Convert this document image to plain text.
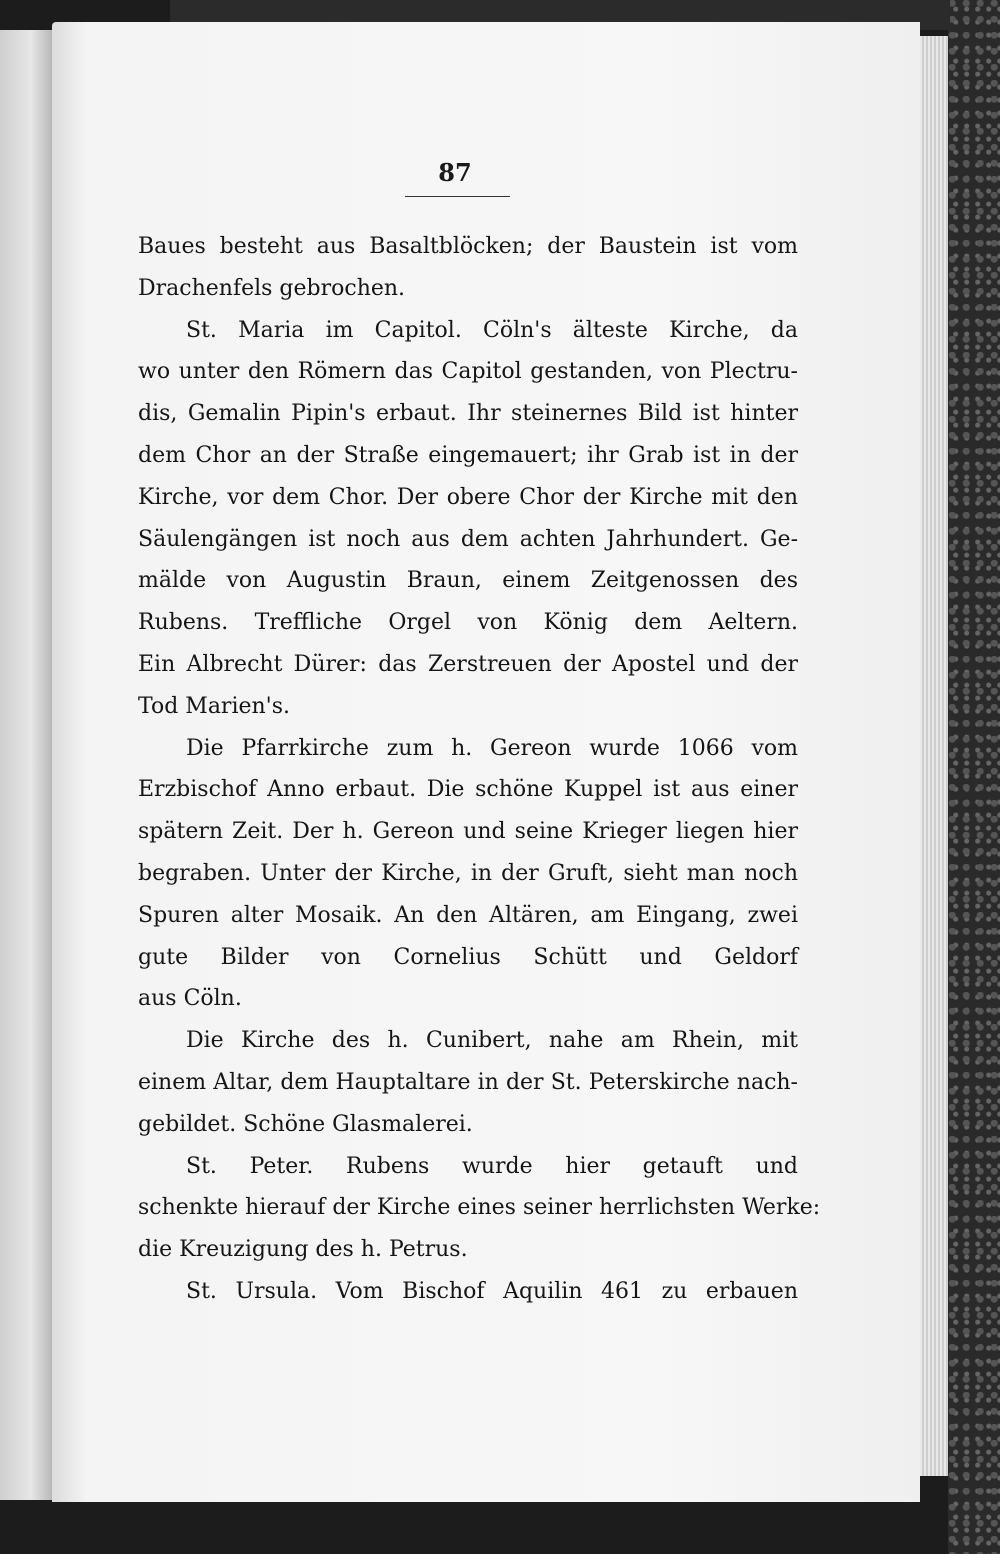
87
Baues besteht aus Basaltblöcken; der Baustein ist vom
Drachenfels gebrochen.
St. Maria im Capitol. Cöln's älteste Kirche, da
wo unter den Römern das Capitol gestanden, von Plectru-
dis, Gemalin Pipin's erbaut. Ihr steinernes Bild ist hinter
dem Chor an der Straße eingemauert; ihr Grab ist in der
Kirche, vor dem Chor. Der obere Chor der Kirche mit den
Säulengängen ist noch aus dem achten Jahrhundert. Ge-
mälde von Augustin Braun, einem Zeitgenossen des
Rubens. Treffliche Orgel von König dem Aeltern.
Ein Albrecht Dürer: das Zerstreuen der Apostel und der
Tod Marien's.
Die Pfarrkirche zum h. Gereon wurde 1066 vom
Erzbischof Anno erbaut. Die schöne Kuppel ist aus einer
spätern Zeit. Der h. Gereon und seine Krieger liegen hier
begraben. Unter der Kirche, in der Gruft, sieht man noch
Spuren alter Mosaik. An den Altären, am Eingang, zwei
gute Bilder von Cornelius Schütt und Geldorf
aus Cöln.
Die Kirche des h. Cunibert, nahe am Rhein, mit
einem Altar, dem Hauptaltare in der St. Peterskirche nach-
gebildet. Schöne Glasmalerei.
St. Peter. Rubens wurde hier getauft und
schenkte hierauf der Kirche eines seiner herrlichsten Werke:
die Kreuzigung des h. Petrus.
St. Ursula. Vom Bischof Aquilin 461 zu erbauen
